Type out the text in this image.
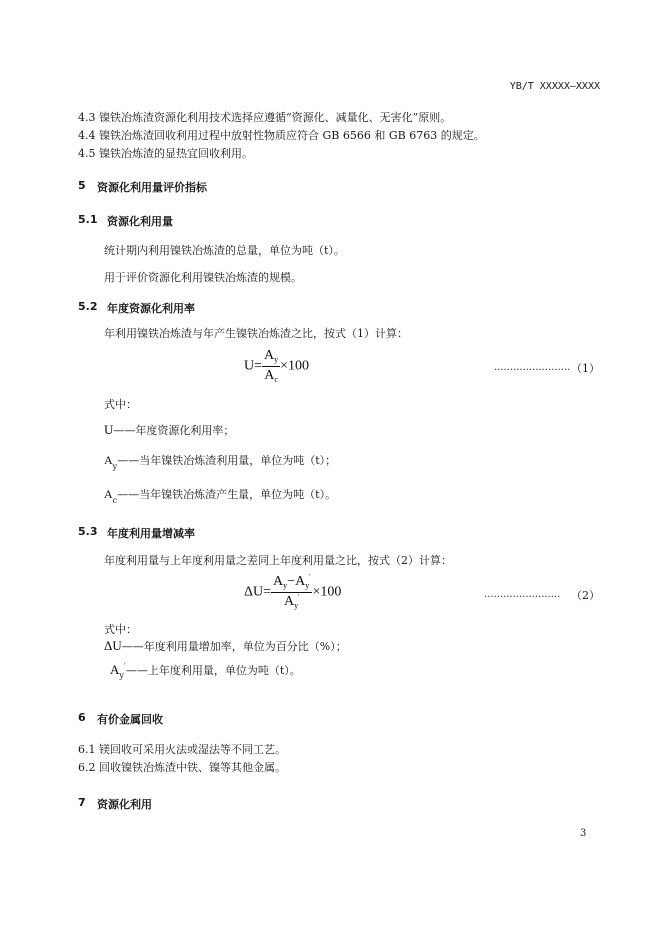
YB/T XXXXX—XXXX
4.3 镍铁冶炼渣资源化利用技术选择应遵循“资源化、减量化、无害化”原则。
4.4 镍铁冶炼渣回收利用过程中放射性物质应符合 GB 6566 和 GB 6763 的规定。
4.5 镍铁冶炼渣的显热宜回收利用。
5 资源化利用量评价指标
5.1 资源化利用量
统计期内利用镍铁冶炼渣的总量，单位为吨（t）。
用于评价资源化利用镍铁冶炼渣的规模。
5.2 年度资源化利用率
年利用镍铁冶炼渣与年产生镍铁冶炼渣之比，按式（1）计算：
$U= \frac{A_y}{A_c} \times 100$	........................ （1）
式中：
U——年度资源化利用率；
$A_y——$当年镍铁冶炼渣利用量，单位为吨（t）；
$A_c——$当年镍铁冶炼渣产生量，单位为吨（t）。
5.3 年度利用量增减率
年度利用量与上年度利用量之差同上年度利用量之比，按式（2）计算：
$\Delta U= \frac{A_y-A_y'}{A_y'} \times 100$	........................ （2）
式中：
ΔU——年度利用量增加率，单位为百分比（%）；
$A_y'——$上年度利用量，单位为吨（t）。
6 有价金属回收
6.1 镁回收可采用火法或湿法等不同工艺。
6.2 回收镍铁冶炼渣中铁、镍等其他金属。
7 资源化利用
3
